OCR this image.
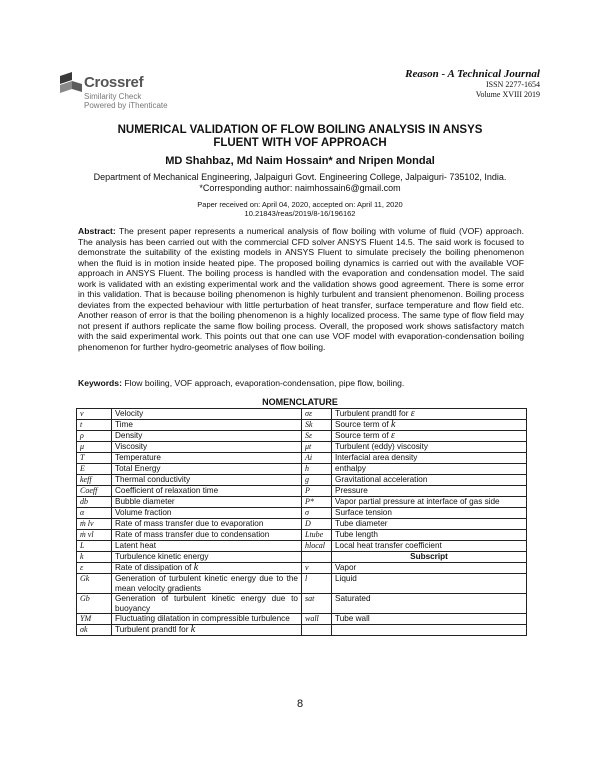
Crossref
Similarity Check
Powered by iThenticate
Reason - A Technical Journal
ISSN 2277-1654
Volume XVIII 2019
NUMERICAL VALIDATION OF FLOW BOILING ANALYSIS IN ANSYS
FLUENT WITH VOF APPROACH
MD Shahbaz, Md Naim Hossain* and Nripen Mondal
Department of Mechanical Engineering, Jalpaiguri Govt. Engineering College, Jalpaiguri- 735102, India.
*Corresponding author: naimhossain6@gmail.com
Paper received on: April 04, 2020, accepted on: April 11, 2020
10.21843/reas/2019/8-16/196162
Abstract: The present paper represents a numerical analysis of flow boiling with volume of fluid (VOF) approach. The analysis has been carried out with the commercial CFD solver ANSYS Fluent 14.5. The said work is focused to demonstrate the suitability of the existing models in ANSYS Fluent to simulate precisely the boiling phenomenon when the fluid is in motion inside heated pipe. The proposed boiling dynamics is carried out with the available VOF approach in ANSYS Fluent. The boiling process is handled with the evaporation and condensation model. The said work is validated with an existing experimental work and the validation shows good agreement. There is some error in this validation. That is because boiling phenomenon is highly turbulent and transient phenomenon. Boiling process deviates from the expected behaviour with little perturbation of heat transfer, surface temperature and flow field etc. Another reason of error is that the boiling phenomenon is a highly localized process. The same type of flow field may not present if authors replicate the same flow boiling process. Overall, the proposed work shows satisfactory match with the said experimental work. This points out that one can use VOF model with evaporation-condensation boiling phenomenon for further hydro-geometric analyses of flow boiling.
Keywords: Flow boiling, VOF approach, evaporation-condensation, pipe flow, boiling.
NOMENCLATURE
v	Velocity	σε	Turbulent prandtl for ε
t	Time	Sk	Source term of k
ρ	Density	Sε	Source term of ε
μ	Viscosity	μt	Turbulent (eddy) viscosity
T	Temperature	Ai	Interfacial area density
E	Total Energy	h	enthalpy
keff	Thermal conductivity	g	Gravitational acceleration
Coeff	Coefficient of relaxation time	P	Pressure
db	Bubble diameter	P*	Vapor partial pressure at interface of gas side
α	Volume fraction	σ	Surface tension
ṁ lv	Rate of mass transfer due to evaporation	D	Tube diameter
ṁ vl	Rate of mass transfer due to condensation	Ltube	Tube length
L	Latent heat	hlocal	Local heat transfer coefficient
k	Turbulence kinetic energy		Subscript
ε	Rate of dissipation of k	v	Vapor
Gk	Generation of turbulent kinetic energy due to the mean velocity gradients	l	Liquid
Gb	Generation of turbulent kinetic energy due to buoyancy	sat	Saturated
YM	Fluctuating dilatation in compressible turbulence	wall	Tube wall
σk	Turbulent prandtl for k		
8
